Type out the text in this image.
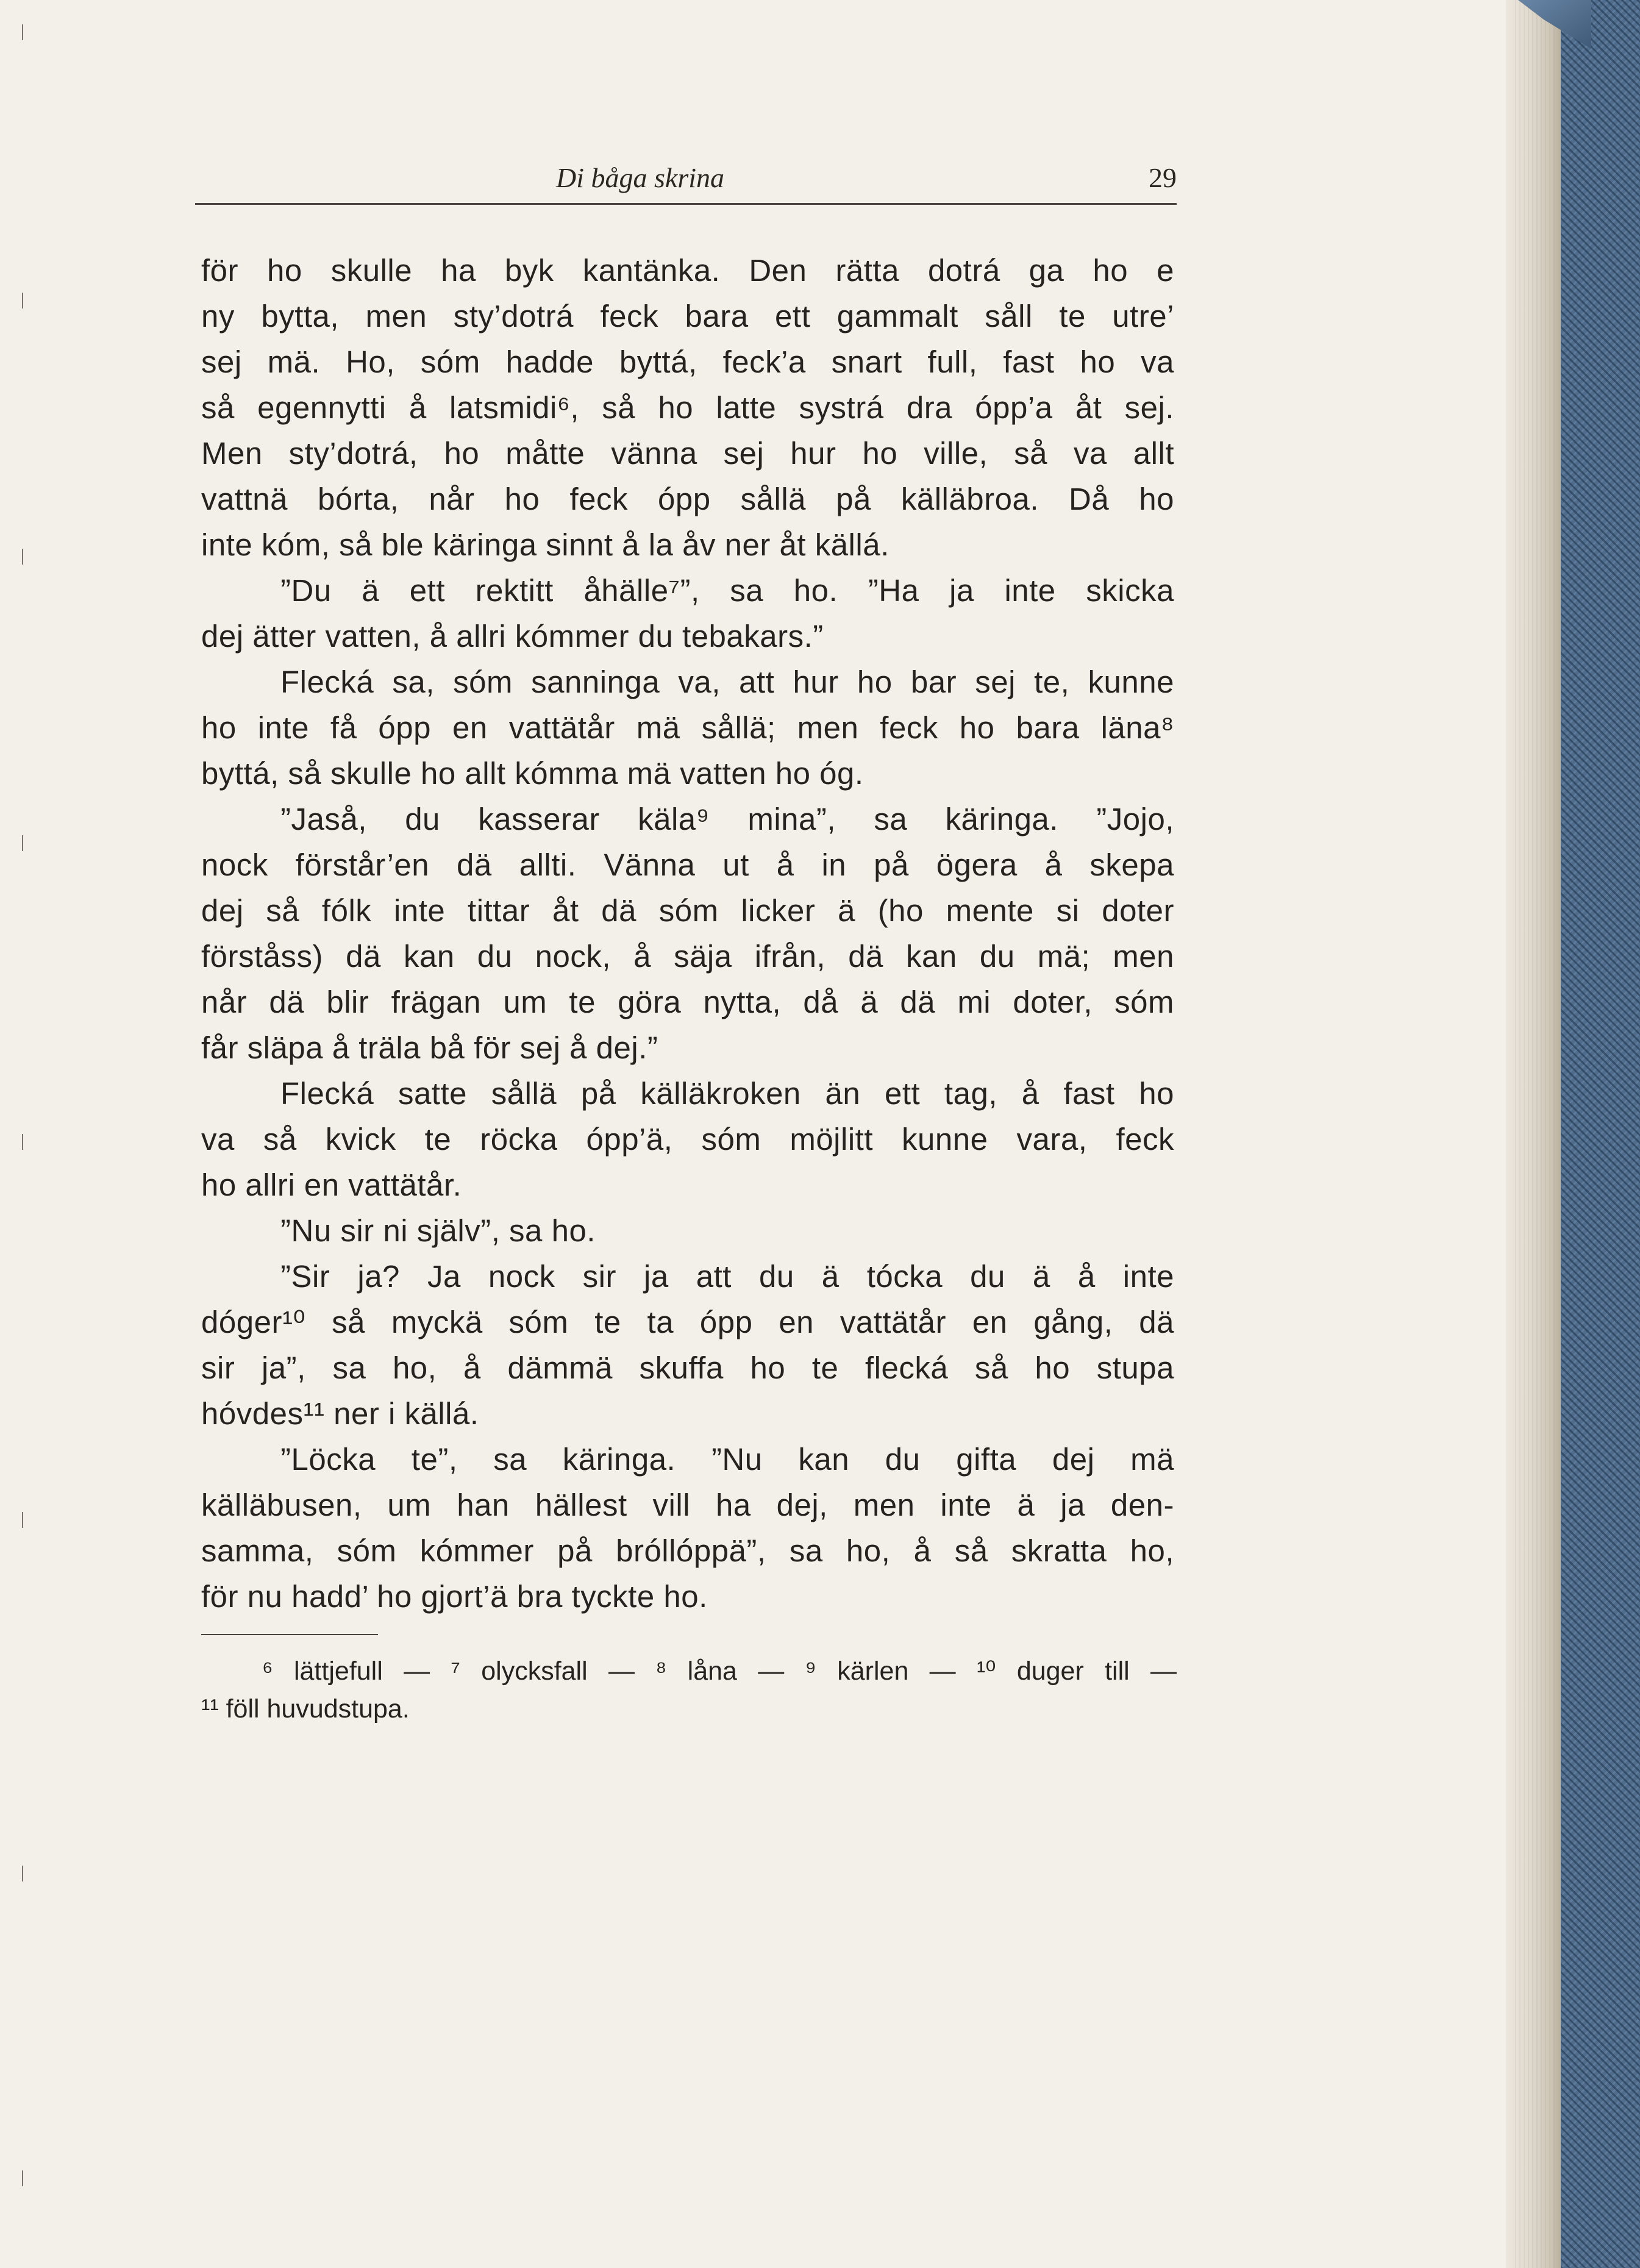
Di båga skrina	29
för ho skulle ha byk kantänka. Den rätta dotrá ga ho e
ny bytta, men sty’dotrá feck bara ett gammalt såll te utre’
sej mä. Ho, sóm hadde byttá, feck’a snart full, fast ho va
så egennytti å latsmidi⁶, så ho latte systrá dra ópp’a åt sej.
Men sty’dotrá, ho måtte vänna sej hur ho ville, så va allt
vattnä bórta, når ho feck ópp sållä på källäbroa. Då ho
inte kóm, så ble käringa sinnt å la åv ner åt källá.
”Du ä ett rektitt åhälle⁷”, sa ho. ”Ha ja inte skicka
dej ätter vatten, å allri kómmer du tebakars.”
Flecká sa, sóm sanninga va, att hur ho bar sej te, kunne
ho inte få ópp en vattätår mä sållä; men feck ho bara läna⁸
byttá, så skulle ho allt kómma mä vatten ho óg.
”Jaså, du kasserar käla⁹ mina”, sa käringa. ”Jojo,
nock förstår’en dä allti. Vänna ut å in på ögera å skepa
dej så fólk inte tittar åt dä sóm licker ä (ho mente si doter
förståss) dä kan du nock, å säja ifrån, dä kan du mä; men
når dä blir frägan um te göra nytta, då ä dä mi doter, sóm
får släpa å träla bå för sej å dej.”
Flecká satte sållä på källäkroken än ett tag, å fast ho
va så kvick te röcka ópp’ä, sóm möjlitt kunne vara, feck
ho allri en vattätår.
”Nu sir ni själv”, sa ho.
”Sir ja? Ja nock sir ja att du ä tócka du ä å inte
dóger¹⁰ så myckä sóm te ta ópp en vattätår en gång, dä
sir ja”, sa ho, å dämmä skuffa ho te flecká så ho stupa
hóvdes¹¹ ner i källá.
”Löcka te”, sa käringa. ”Nu kan du gifta dej mä
källäbusen, um han hällest vill ha dej, men inte ä ja den-
samma, sóm kómmer på bróllóppä”, sa ho, å så skratta ho,
för nu hadd’ ho gjort’ä bra tyckte ho.
⁶ lättjefull — ⁷ olycksfall — ⁸ låna — ⁹ kärlen — ¹⁰ duger till —
¹¹ föll huvudstupa.
